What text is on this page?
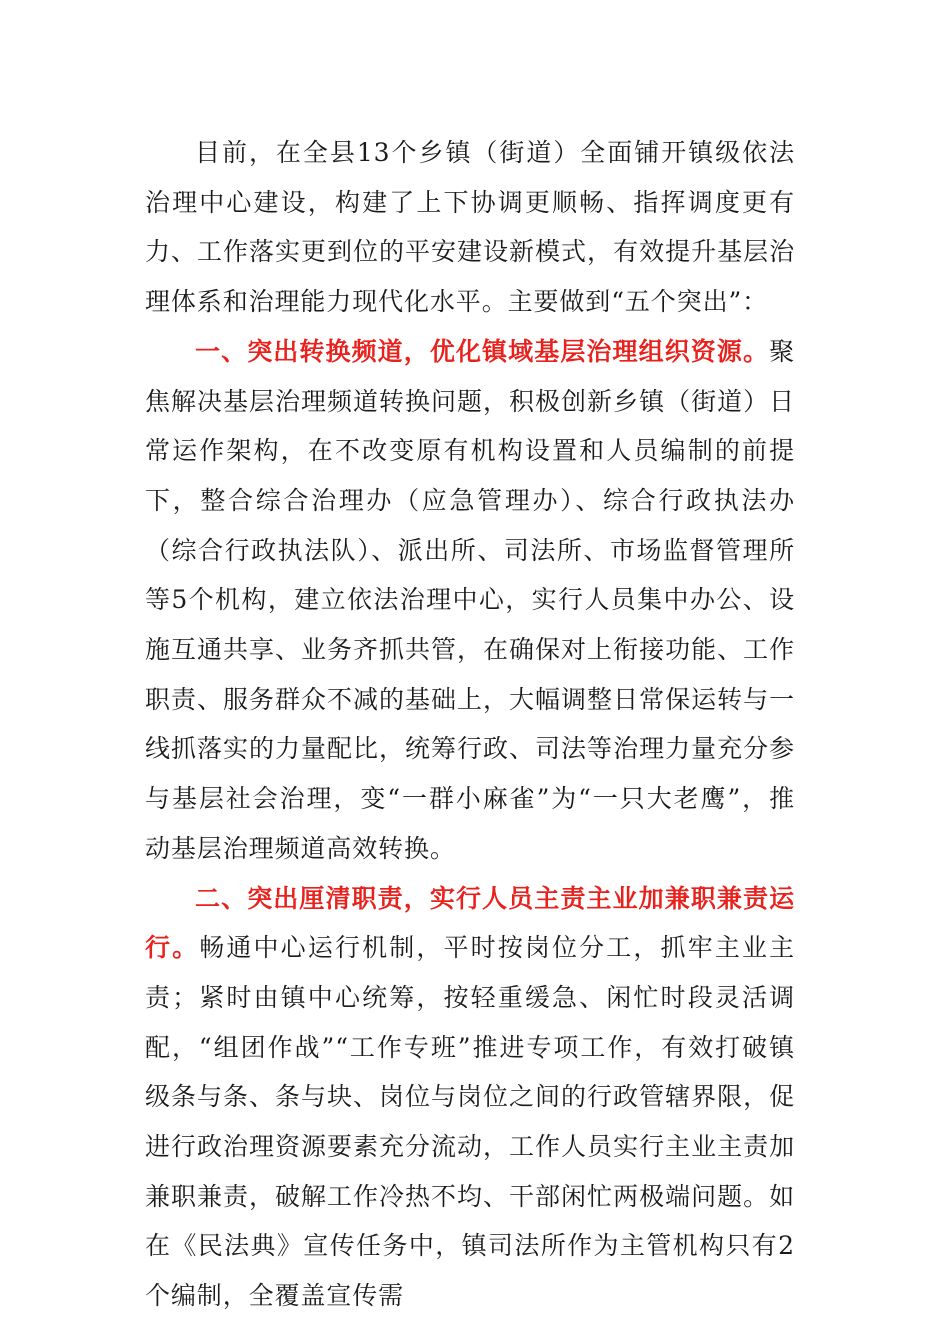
目前，在全县13个乡镇（街道）全面铺开镇级依法治理中心建设，构建了上下协调更顺畅、指挥调度更有力、工作落实更到位的平安建设新模式，有效提升基层治理体系和治理能力现代化水平。主要做到“五个突出”：

一、突出转换频道，优化镇域基层治理组织资源。聚焦解决基层治理频道转换问题，积极创新乡镇（街道）日常运作架构，在不改变原有机构设置和人员编制的前提下，整合综合治理办（应急管理办）、综合行政执法办（综合行政执法队）、派出所、司法所、市场监督管理所等5个机构，建立依法治理中心，实行人员集中办公、设施互通共享、业务齐抓共管，在确保对上衔接功能、工作职责、服务群众不减的基础上，大幅调整日常保运转与一线抓落实的力量配比，统筹行政、司法等治理力量充分参与基层社会治理，变“一群小麻雀”为“一只大老鹰”，推动基层治理频道高效转换。

二、突出厘清职责，实行人员主责主业加兼职兼责运行。畅通中心运行机制，平时按岗位分工，抓牢主业主责；紧时由镇中心统筹，按轻重缓急、闲忙时段灵活调配，“组团作战”“工作专班”推进专项工作，有效打破镇级条与条、条与块、岗位与岗位之间的行政管辖界限，促进行政治理资源要素充分流动，工作人员实行主业主责加兼职兼责，破解工作冷热不均、干部闲忙两极端问题。如在《民法典》宣传任务中，镇司法所作为主管机构只有2个编制，全覆盖宣传需
